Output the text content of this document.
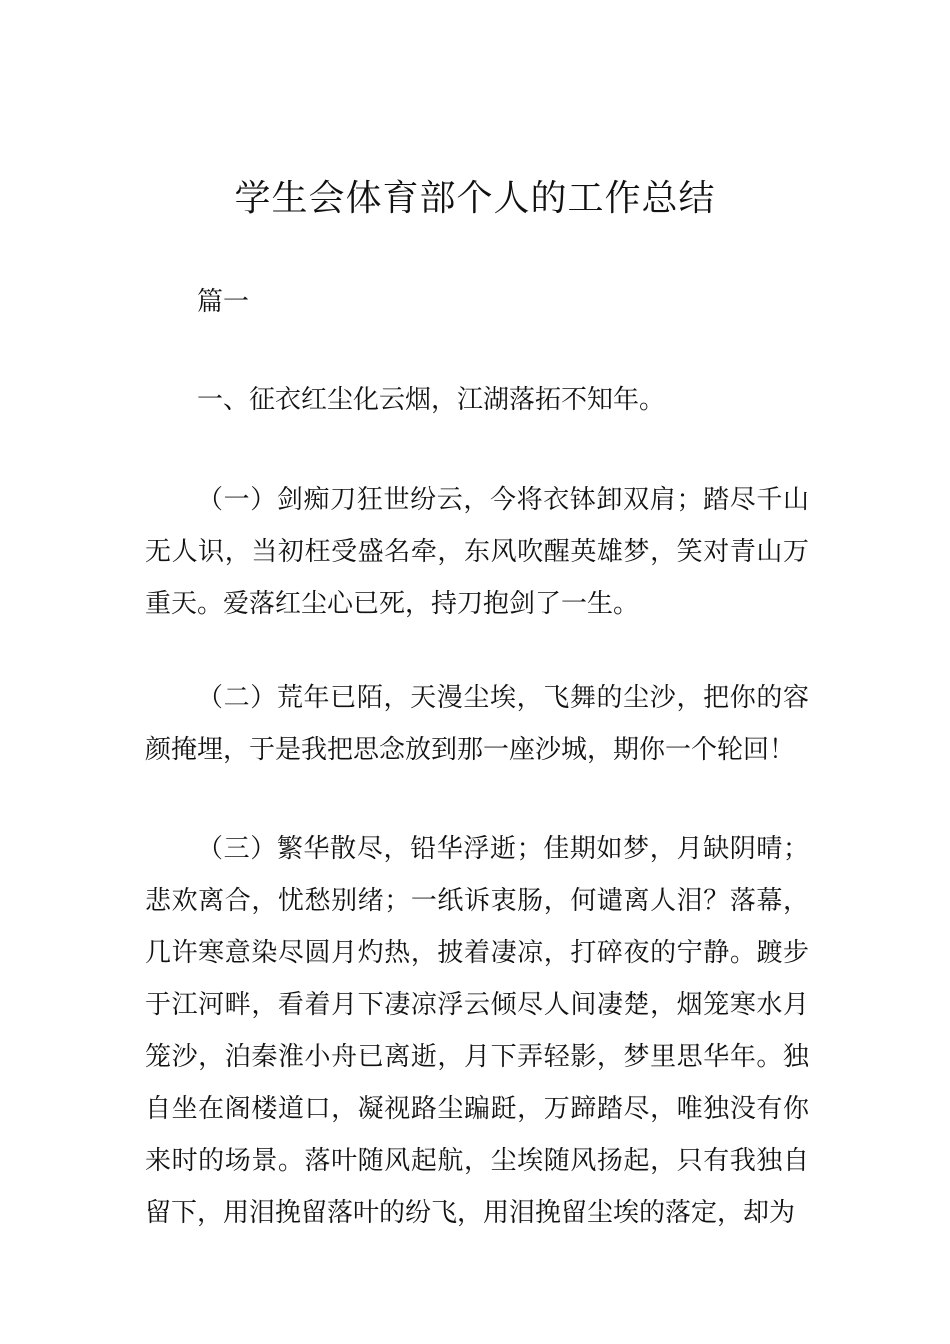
学生会体育部个人的工作总结
篇一
一、征衣红尘化云烟，江湖落拓不知年。

（一）剑痴刀狂世纷云，今将衣钵卸双肩；踏尽千山无人识，当初枉受盛名牵，东风吹醒英雄梦，笑对青山万重天。爱落红尘心已死，持刀抱剑了一生。

（二）荒年已陌，天漫尘埃，飞舞的尘沙，把你的容颜掩埋，于是我把思念放到那一座沙城，期你一个轮回！

（三）繁华散尽，铅华浮逝；佳期如梦，月缺阴晴；悲欢离合，忧愁别绪；一纸诉衷肠，何谴离人泪？落幕，几许寒意染尽圆月灼热，披着凄凉，打碎夜的宁静。踱步于江河畔，看着月下凄凉浮云倾尽人间凄楚，烟笼寒水月笼沙，泊秦淮小舟已离逝，月下弄轻影，梦里思华年。独自坐在阁楼道口，凝视路尘蹁跹，万蹄踏尽，唯独没有你来时的场景。落叶随风起航，尘埃随风扬起，只有我独自留下，用泪挽留落叶的纷飞，用泪挽留尘埃的落定，却为
